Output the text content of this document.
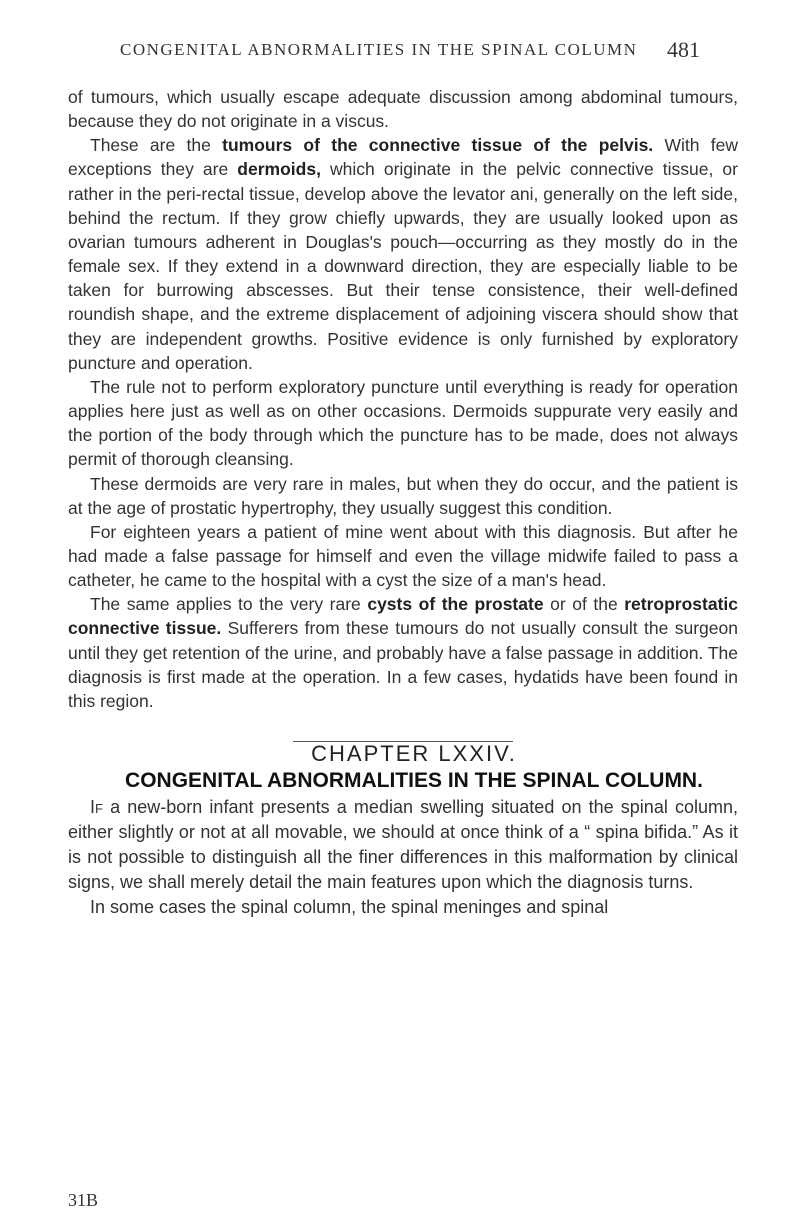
CONGENITAL ABNORMALITIES IN THE SPINAL COLUMN 481

of tumours, which usually escape adequate discussion among abdominal tumours, because they do not originate in a viscus.

These are the tumours of the connective tissue of the pelvis. With few exceptions they are dermoids, which originate in the pelvic connective tissue, or rather in the peri-rectal tissue, develop above the levator ani, generally on the left side, behind the rectum. If they grow chiefly upwards, they are usually looked upon as ovarian tumours adherent in Douglas's pouch—occurring as they mostly do in the female sex. If they extend in a downward direction, they are especially liable to be taken for burrowing abscesses. But their tense consistence, their well-defined roundish shape, and the extreme displacement of adjoining viscera should show that they are independent growths. Positive evidence is only furnished by exploratory puncture and operation.

The rule not to perform exploratory puncture until everything is ready for operation applies here just as well as on other occasions. Dermoids suppurate very easily and the portion of the body through which the puncture has to be made, does not always permit of thorough cleansing.

These dermoids are very rare in males, but when they do occur, and the patient is at the age of prostatic hypertrophy, they usually suggest this condition.

For eighteen years a patient of mine went about with this diagnosis. But after he had made a false passage for himself and even the village midwife failed to pass a catheter, he came to the hospital with a cyst the size of a man's head.

The same applies to the very rare cysts of the prostate or of the retroprostatic connective tissue. Sufferers from these tumours do not usually consult the surgeon until they get retention of the urine, and probably have a false passage in addition. The diagnosis is first made at the operation. In a few cases, hydatids have been found in this region.

CHAPTER LXXIV.

CONGENITAL ABNORMALITIES IN THE SPINAL COLUMN.

If a new-born infant presents a median swelling situated on the spinal column, either slightly or not at all movable, we should at once think of a “ spina bifida.” As it is not possible to distinguish all the finer differences in this malformation by clinical signs, we shall merely detail the main features upon which the diagnosis turns.

In some cases the spinal column, the spinal meninges and spinal

31B
